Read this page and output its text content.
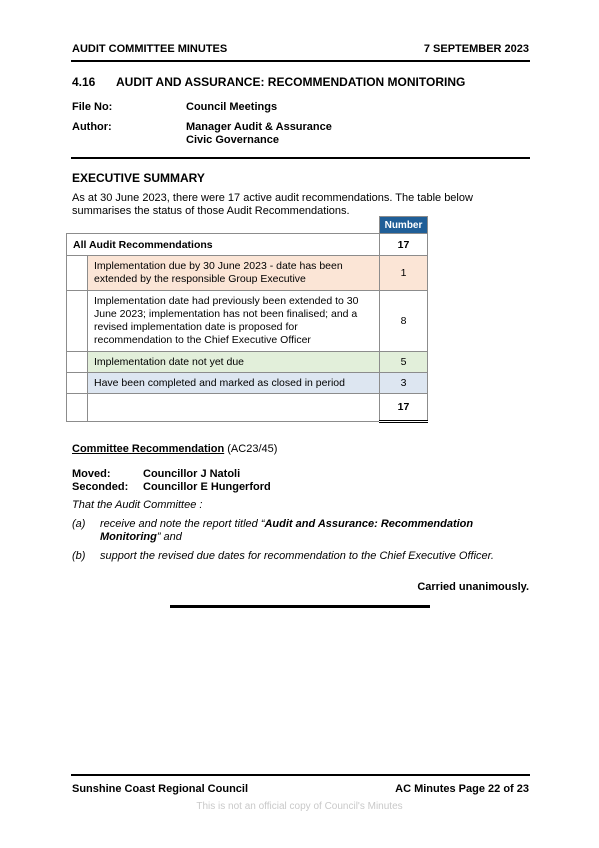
AUDIT COMMITTEE MINUTES	7 SEPTEMBER 2023
4.16 AUDIT AND ASSURANCE: RECOMMENDATION MONITORING
File No:	Council Meetings
Author:	Manager Audit & Assurance
Civic Governance
EXECUTIVE SUMMARY
As at 30 June 2023, there were 17 active audit recommendations. The table below
summarises the status of those Audit Recommendations.
		Number
All Audit Recommendations		17
	Implementation due by 30 June 2023 - date has been extended by the responsible Group Executive	1
	Implementation date had previously been extended to 30 June 2023; implementation has not been finalised; and a revised implementation date is proposed for recommendation to the Chief Executive Officer	8
	Implementation date not yet due	5
	Have been completed and marked as closed in period	3
		17
Committee Recommendation (AC23/45)
Moved:	Councillor J Natoli
Seconded: Councillor E Hungerford
That the Audit Committee :
(a) receive and note the report titled “Audit and Assurance: Recommendation
Monitoring” and
(b) support the revised due dates for recommendation to the Chief Executive Officer.
Carried unanimously.
Sunshine Coast Regional Council	AC Minutes Page 22 of 23
This is not an official copy of Council's Minutes
